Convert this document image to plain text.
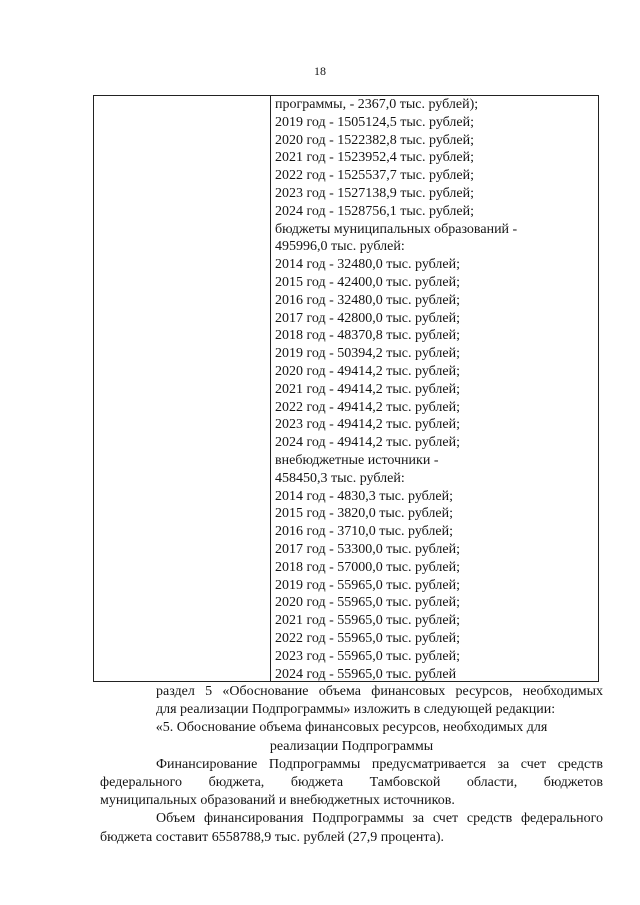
18
программы, - 2367,0 тыс. рублей);
2019 год - 1505124,5 тыс. рублей;
2020 год - 1522382,8 тыс. рублей;
2021 год - 1523952,4 тыс. рублей;
2022 год - 1525537,7 тыс. рублей;
2023 год - 1527138,9 тыс. рублей;
2024 год - 1528756,1 тыс. рублей;
бюджеты муниципальных образований -
495996,0 тыс. рублей:
2014 год - 32480,0 тыс. рублей;
2015 год - 42400,0 тыс. рублей;
2016 год - 32480,0 тыс. рублей;
2017 год - 42800,0 тыс. рублей;
2018 год - 48370,8 тыс. рублей;
2019 год - 50394,2 тыс. рублей;
2020 год - 49414,2 тыс. рублей;
2021 год - 49414,2 тыс. рублей;
2022 год - 49414,2 тыс. рублей;
2023 год - 49414,2 тыс. рублей;
2024 год - 49414,2 тыс. рублей;
внебюджетные источники -
458450,3 тыс. рублей:
2014 год - 4830,3 тыс. рублей;
2015 год - 3820,0 тыс. рублей;
2016 год - 3710,0 тыс. рублей;
2017 год - 53300,0 тыс. рублей;
2018 год - 57000,0 тыс. рублей;
2019 год - 55965,0 тыс. рублей;
2020 год - 55965,0 тыс. рублей;
2021 год - 55965,0 тыс. рублей;
2022 год - 55965,0 тыс. рублей;
2023 год - 55965,0 тыс. рублей;
2024 год - 55965,0 тыс. рублей
раздел 5 «Обоснование объема финансовых ресурсов, необходимых
для реализации Подпрограммы» изложить в следующей редакции:
«5. Обоснование объема финансовых ресурсов, необходимых для
реализации Подпрограммы
Финансирование Подпрограммы предусматривается за счет средств
федерального бюджета, бюджета Тамбовской области, бюджетов
муниципальных образований и внебюджетных источников.
Объем финансирования Подпрограммы за счет средств федерального
бюджета составит 6558788,9 тыс. рублей (27,9 процента).
